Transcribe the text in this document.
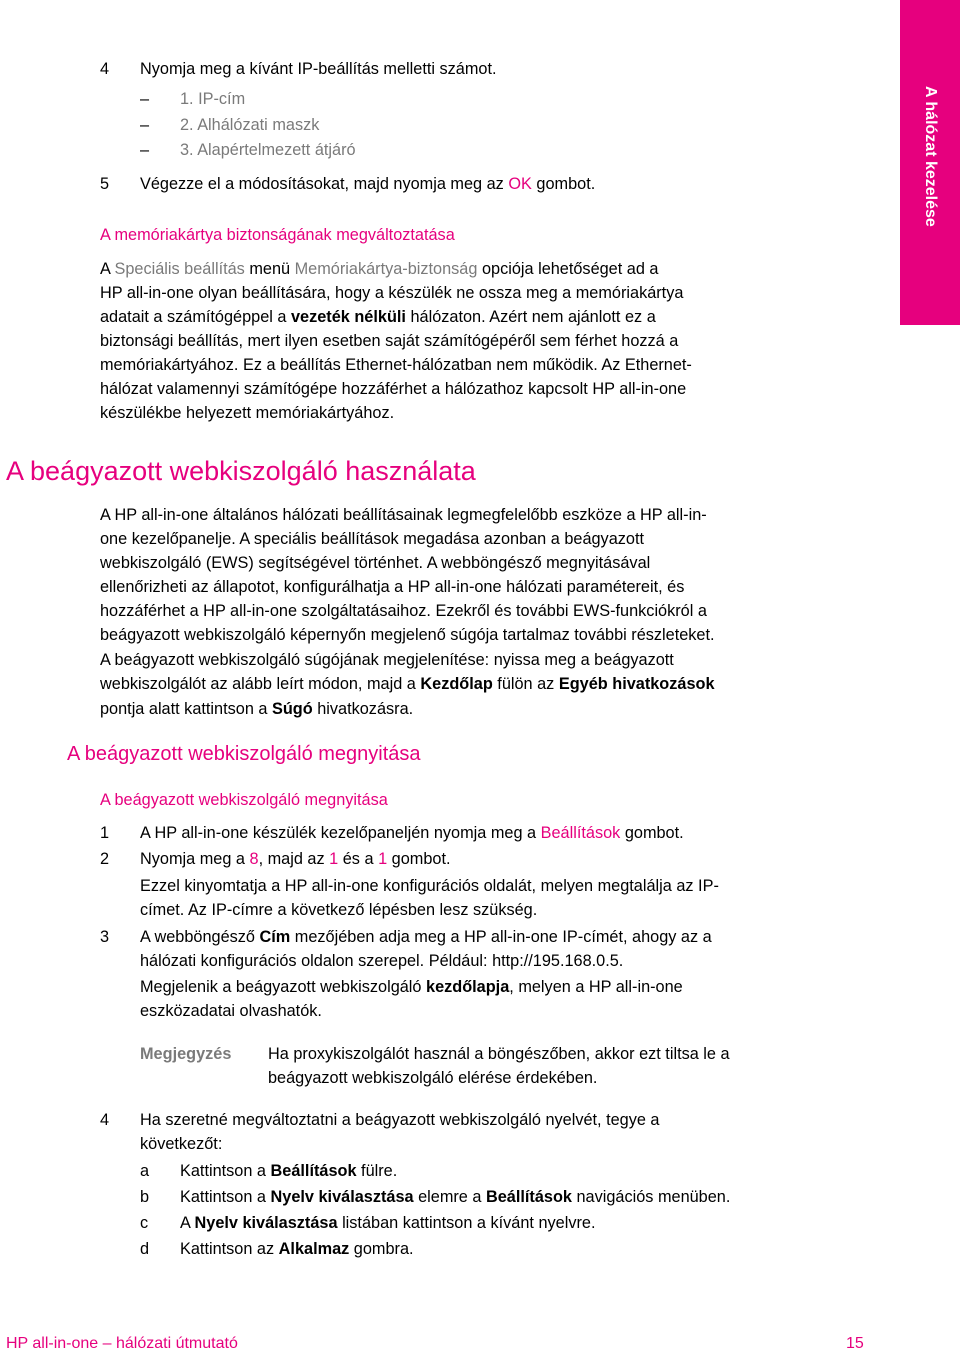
A hálózat kezelése
4 Nyomja meg a kívánt IP-beállítás melletti számot.
– 1. IP-cím
– 2. Alhálózati maszk
– 3. Alapértelmezett átjáró
5 Végezze el a módosításokat, majd nyomja meg az OK gombot.
A memóriakártya biztonságának megváltoztatása
A Speciális beállítás menü Memóriakártya-biztonság opciója lehetőséget ad a
HP all-in-one olyan beállítására, hogy a készülék ne ossza meg a memóriakártya
adatait a számítógéppel a vezeték nélküli hálózaton. Azért nem ajánlott ez a
biztonsági beállítás, mert ilyen esetben saját számítógépéről sem férhet hozzá a
memóriakártyához. Ez a beállítás Ethernet-hálózatban nem működik. Az Ethernet-
hálózat valamennyi számítógépe hozzáférhet a hálózathoz kapcsolt HP all-in-one
készülékbe helyezett memóriakártyához.
A beágyazott webkiszolgáló használata
A HP all-in-one általános hálózati beállításainak legmegfelelőbb eszköze a HP all-in-
one kezelőpanelje. A speciális beállítások megadása azonban a beágyazott
webkiszolgáló (EWS) segítségével történhet. A webböngésző megnyitásával
ellenőrizheti az állapotot, konfigurálhatja a HP all-in-one hálózati paramétereit, és
hozzáférhet a HP all-in-one szolgáltatásaihoz. Ezekről és további EWS-funkciókról a
beágyazott webkiszolgáló képernyőn megjelenő súgója tartalmaz további részleteket.
A beágyazott webkiszolgáló súgójának megjelenítése: nyissa meg a beágyazott
webkiszolgálót az alább leírt módon, majd a Kezdőlap fülön az Egyéb hivatkozások
pontja alatt kattintson a Súgó hivatkozásra.
A beágyazott webkiszolgáló megnyitása
A beágyazott webkiszolgáló megnyitása
1 A HP all-in-one készülék kezelőpaneljén nyomja meg a Beállítások gombot.
2 Nyomja meg a 8, majd az 1 és a 1 gombot.
Ezzel kinyomtatja a HP all-in-one konfigurációs oldalát, melyen megtalálja az IP-
címet. Az IP-címre a következő lépésben lesz szükség.
3 A webböngésző Cím mezőjében adja meg a HP all-in-one IP-címét, ahogy az a
hálózati konfigurációs oldalon szerepel. Például: http://195.168.0.5.
Megjelenik a beágyazott webkiszolgáló kezdőlapja, melyen a HP all-in-one
eszközadatai olvashatók.
Megjegyzés Ha proxykiszolgálót használ a böngészőben, akkor ezt tiltsa le a
beágyazott webkiszolgáló elérése érdekében.
4 Ha szeretné megváltoztatni a beágyazott webkiszolgáló nyelvét, tegye a
következőt:
a Kattintson a Beállítások fülre.
b Kattintson a Nyelv kiválasztása elemre a Beállítások navigációs menüben.
c A Nyelv kiválasztása listában kattintson a kívánt nyelvre.
d Kattintson az Alkalmaz gombra.
HP all-in-one – hálózati útmutató	15
